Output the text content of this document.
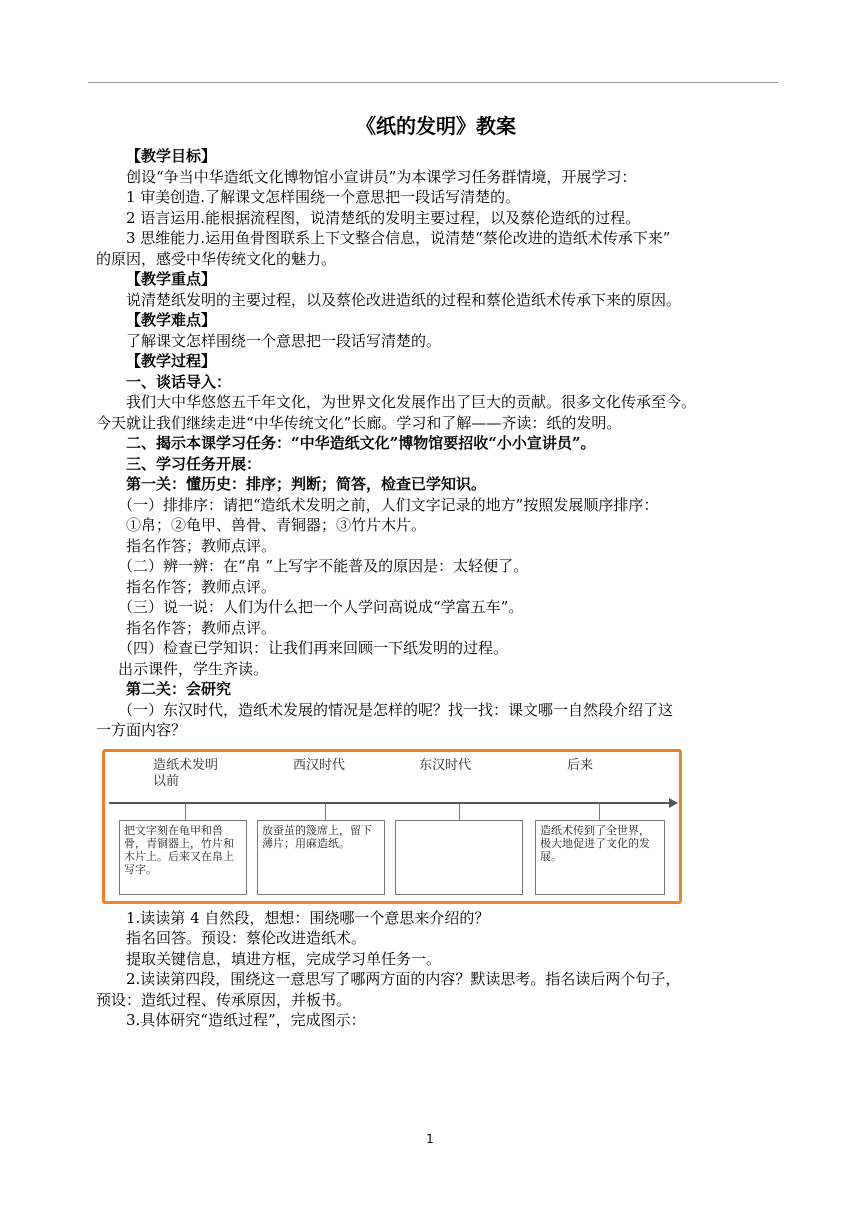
《纸的发明》教案
【教学目标】
创设“争当中华造纸文化博物馆小宣讲员”为本课学习任务群情境，开展学习：
1 审美创造.了解课文怎样围绕一个意思把一段话写清楚的。
2 语言运用.能根据流程图，说清楚纸的发明主要过程，以及蔡伦造纸的过程。
3 思维能力.运用鱼骨图联系上下文整合信息，说清楚“蔡伦改进的造纸术传承下来”
的原因，感受中华传统文化的魅力。
【教学重点】
说清楚纸发明的主要过程，以及蔡伦改进造纸的过程和蔡伦造纸术传承下来的原因。
【教学难点】
了解课文怎样围绕一个意思把一段话写清楚的。
【教学过程】
一、谈话导入：
我们大中华悠悠五千年文化，为世界文化发展作出了巨大的贡献。很多文化传承至今。
今天就让我们继续走进“中华传统文化”长廊。学习和了解——齐读：纸的发明。
二、揭示本课学习任务：“中华造纸文化”博物馆要招收“小小宣讲员”。
三、学习任务开展：
第一关：懂历史：排序；判断；简答，检查已学知识。
（一）排排序：请把“造纸术发明之前，人们文字记录的地方”按照发展顺序排序：
①帛；②龟甲、兽骨、青铜器；③竹片木片。
指名作答；教师点评。
（二）辨一辨：在“帛 ”上写字不能普及的原因是：太轻便了。
指名作答；教师点评。
（三）说一说：人们为什么把一个人学问高说成“学富五车”。
指名作答；教师点评。
（四）检查已学知识：让我们再来回顾一下纸发明的过程。
出示课件，学生齐读。
第二关：会研究
（一）东汉时代，造纸术发展的情况是怎样的呢？找一找：课文哪一自然段介绍了这
一方面内容？
造纸术发明以前
西汉时代	东汉时代	后来
把文字刻在龟甲和兽骨，青铜器上，竹片和木片上。后来又在帛上写字。
放蚕茧的篾席上，留下薄片；用麻造纸。
造纸术传到了全世界，极大地促进了文化的发展。
1.读读第 4 自然段，想想：围绕哪一个意思来介绍的？
指名回答。预设：蔡伦改进造纸术。
提取关键信息，填进方框，完成学习单任务一。
2.读读第四段，围绕这一意思写了哪两方面的内容？默读思考。指名读后两个句子，
预设：造纸过程、传承原因，并板书。
3.具体研究“造纸过程”，完成图示：
1
